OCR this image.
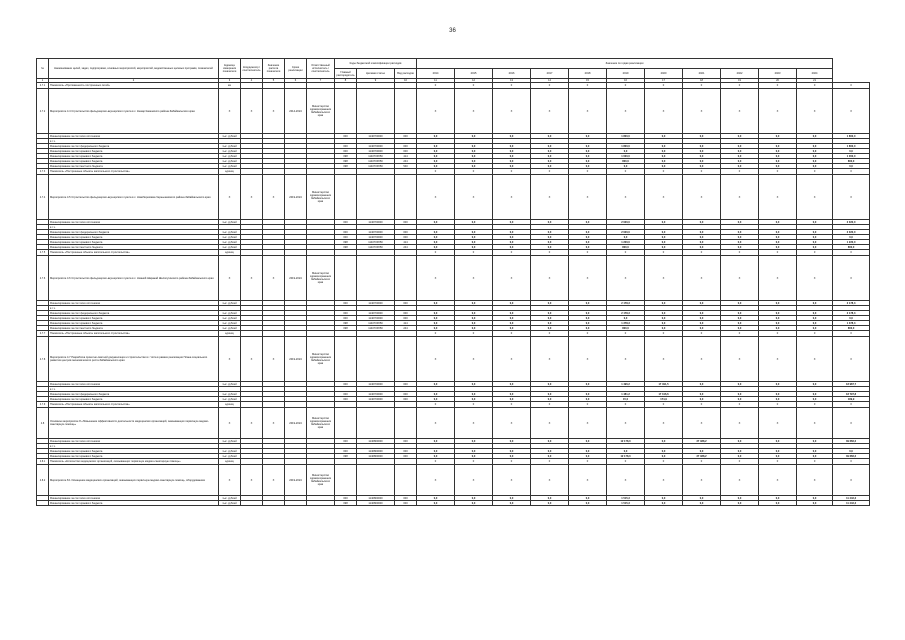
36
№	Наименование целей, задач, подпрограмм, основных мероприятий, мероприятий, ведомственных целевых программ, показателей	Единица измерения показателя	Координатор / соисполнитель	Значение расчета показателя	Сроки реализации	Ответственный исполнитель / соисполнитель	Коды бюджетной классификации расходов			Значение по годам реализации											
							Главный распорядитель	Целевая статья	Вид расходов	2014	2015	2016	2017	2018	2019	2020	2021	2022	2023	2024	
1	2	3	4	5	6	7	8	9	10	11	12	13	14	15	16	17	18	19	20	21	
4.7.1	Показатель «Протяженность построенных сетей»	км								0	0	0	0	0	0	0	0	0	0	0	0
4.7.2	Мероприятие 4.4 Строительство фельдшерско-акушерского пункта в с. Кашар Каменского района Забайкальского края	Х	Х	Х	2014-2024	Министерство здравоохранения Забайкальского края				Х	Х	Х	Х	Х	Х	Х	Х	Х	Х	Х	Х
	Финансирование за счет всех источников	тыс. рублей					000	1140700000	000	0,0	0,0	0,0	0,0	0,0	1 800,0	0,0	0,0	0,0	0,0	0,0	1 800,0
	в т.ч.																				
	Финансирование за счет федерального бюджета	тыс. рублей					000	1140700000	000	0,0	0,0	0,0	0,0	0,0	1 800,0	0,0	0,0	0,0	0,0	0,0	1 800,0
	Финансирование за счет краевого бюджета	тыс. рублей					000	1140700000	000	0,0	0,0	0,0	0,0	0,0	0,0	0,0	0,0	0,0	0,0	0,0	0,0
	Финансирование за счет краевого бюджета	тыс. рублей					098	114070Р250	414	0,0	0,0	0,0	0,0	0,0	1 000,0	0,0	0,0	0,0	0,0	0,0	1 000,0
	Финансирование за счет краевого бюджета	тыс. рублей					098	114070Р250	244	0,0	0,0	0,0	0,0	0,0	800,0	0,0	0,0	0,0	0,0	0,0	800,0
	Финансирование за счет местного бюджета	тыс. рублей					098	114070Р250	540	0,0	0,0	0,0	0,0	0,0	0,0	0,0	0,0	0,0	0,0	0,0	0,0
4.7.3	Показатель «Построенные объекты капитального строительства»	единиц								0	0	0	0	0	0	0	0	0	0	0	0
4.7.4	Мероприятие 4.5 Строительство фельдшерско-акушерского пункта в с. Новоберезовка Чернышевского района Забайкальского края	Х	Х	Х	2019-2024	Министерство здравоохранения Забайкальского края				Х	Х	Х	Х	Х	Х	Х	Х	Х	Х	Х	Х
	Финансирование за счет всех источников	тыс. рублей					000	1140700000	000	0,0	0,0	0,0	0,0	0,0	2 020,0	0,0	0,0	0,0	0,0	0,0	2 020,0
	в т.ч.																				
	Финансирование за счет федерального бюджета	тыс. рублей					000	1140700000	000	0,0	0,0	0,0	0,0	0,0	2 020,0	0,0	0,0	0,0	0,0	0,0	2 020,0
	Финансирование за счет краевого бюджета	тыс. рублей					000	1140700000	000	0,0	0,0	0,0	0,0	0,0	0,0	0,0	0,0	0,0	0,0	0,0	0,0
	Финансирование за счет краевого бюджета	тыс. рублей					098	114070Р250	414	0,0	0,0	0,0	0,0	0,0	1 220,0	0,0	0,0	0,0	0,0	0,0	1 220,0
	Финансирование за счет местного бюджета	тыс. рублей					098	114070Р250	244	0,0	0,0	0,0	0,0	0,0	800,0	0,0	0,0	0,0	0,0	0,0	800,0
4.7.5	Показатель «Построенные объекты капитального строительства»	единиц								0	0	0	0	0	0	0	0	0	0	0	0
4.7.6	Мероприятие 4.6 Строительство фельдшерско-акушерского пункта в с. Нижний Шаранай Шелопугинского района Забайкальского края	Х	Х	Х	2019-2024	Министерство здравоохранения Забайкальского края				Х	Х	Х	Х	Х	Х	Х	Х	Х	Х	Х	Х
	Финансирование за счет всех источников	тыс. рублей					000	1140700000	000	0,0	0,0	0,0	0,0	0,0	2 178,3	0,0	0,0	0,0	0,0	0,0	2 178,3
	в т.ч.																				
	Финансирование за счет федерального бюджета	тыс. рублей					000	1140700000	000	0,0	0,0	0,0	0,0	0,0	2 178,3	0,0	0,0	0,0	0,0	0,0	2 178,3
	Финансирование за счет краевого бюджета	тыс. рублей					000	1140700000	000	0,0	0,0	0,0	0,0	0,0	0,0	0,0	0,0	0,0	0,0	0,0	0,0
	Финансирование за счет краевого бюджета	тыс. рублей					098	114070Р250	414	0,0	0,0	0,0	0,0	0,0	1 378,3	0,0	0,0	0,0	0,0	0,0	1 378,3
	Финансирование за счет местного бюджета	тыс. рублей					098	114070Р250	244	0,0	0,0	0,0	0,0	0,0	800,0	0,0	0,0	0,0	0,0	0,0	800,0
4.7.7	Показатель «Построенные объекты капитального строительства»	единиц								0	0	0	0	0	0	0	0	0	0	0	0
4.7.8	Мероприятие 4.7 Разработка проектно-сметной документации и строительство в г. Чита в рамках реализации Плана социального развития центров экономического роста Забайкальского края	Х	Х	Х	2019-2024	Министерство здравоохранения Забайкальского края				Х	Х	Х	Х	Х	Х	Х	Х	Х	Х	Х	Х
	Финансирование за счет всех источников	тыс. рублей					000	1140700000	000	0,0	0,0	0,0	0,0	0,0	1 496,2	17 491,5	0,0	0,0	0,0	0,0	18 987,7
	в т.ч.																				
	Финансирование за счет федерального бюджета	тыс. рублей					000	1140700000	000	0,0	0,0	0,0	0,0	0,0	1 481,2	17 316,6	0,0	0,0	0,0	0,0	18 797,8
	Финансирование за счет краевого бюджета	тыс. рублей					000	1140700000	000	0,0	0,0	0,0	0,0	0,0	15,0	174,9	0,0	0,0	0,0	0,0	189,9
4.7.9	Показатель «Построенные объекты капитального строительства»	единиц								0	0	0	0	0	0	0	0	0	0	0	0
4.8	Основное мероприятие 8 «Повышение эффективности деятельности медицинских организаций, оказывающих первичную медико-санитарную помощь»	Х	Х	Х	2019-2024	Министерство здравоохранения Забайкальского края				Х	Х	Х	Х	Х	Х	Х	Х	Х	Х	Х	Х
	Финансирование за счет всех источников	тыс. рублей					000	1140800000	000	0,0	0,0	0,0	0,0	0,0	12 178,0	0,0	27 488,2	0,0	0,0	0,0	39 666,2
	в т.ч.																				
	Финансирование за счет краевого бюджета	тыс. рублей					000	1140800000	000	0,0	0,0	0,0	0,0	0,0	0,0	0,0	0,0	0,0	0,0	0,0	0,0
	Финансирование за счет краевого бюджета	тыс. рублей					098	1140800000	000	0,0	0,0	0,0	0,0	0,0	12 178,0	0,0	27 488,2	0,0	0,0	0,0	39 666,2
4.8.1	Показатель «Количество медицинских организаций, оказывающих первичную медико-санитарную помощь»	единиц								0	0	0	0	0	0	0	0	0	0	0	0
4.8.2	Мероприятие 8.1 Оснащение медицинских организаций, оказывающих первичную медико-санитарную помощь, оборудованием	Х	Х	Х	2019-2024	Министерство здравоохранения Забайкальского края				Х	Х	Х	Х	Х	Х	Х	Х	Х	Х	Х	Х
	Финансирование за счет всех источников	тыс. рублей					000	1140800000	000	0,0	0,0	0,0	0,0	0,0	1 515,3	0,0	0,0	0,0	0,0	0,0	11 443,3
	Финансирование за счет краевого бюджета	тыс. рублей					098	1140800000	000	0,0	0,0	0,0	0,0	0,0	1 515,3	0,0	0,0	0,0	0,0	0,0	11 443,3
